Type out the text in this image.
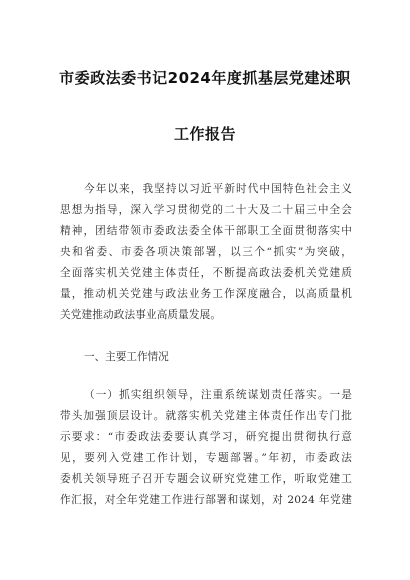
市委政法委书记2024年度抓基层党建述职
工作报告
今年以来，我坚持以习近平新时代中国特色社会主义
思想为指导，深入学习贯彻党的二十大及二十届三中全会
精神，团结带领市委政法委全体干部职工全面贯彻落实中
央和省委、市委各项决策部署，以三个“抓实”为突破，
全面落实机关党建主体责任，不断提高政法委机关党建质
量，推动机关党建与政法业务工作深度融合，以高质量机
关党建推动政法事业高质量发展。
一、主要工作情况
（一）抓实组织领导，注重系统谋划责任落实。一是
带头加强顶层设计。就落实机关党建主体责任作出专门批
示要求：“市委政法委要认真学习，研究提出贯彻执行意
见，要列入党建工作计划，专题部署。”年初，市委政法
委机关领导班子召开专题会议研究党建工作，听取党建工
作汇报，对全年党建工作进行部署和谋划，对 2024 年党建
